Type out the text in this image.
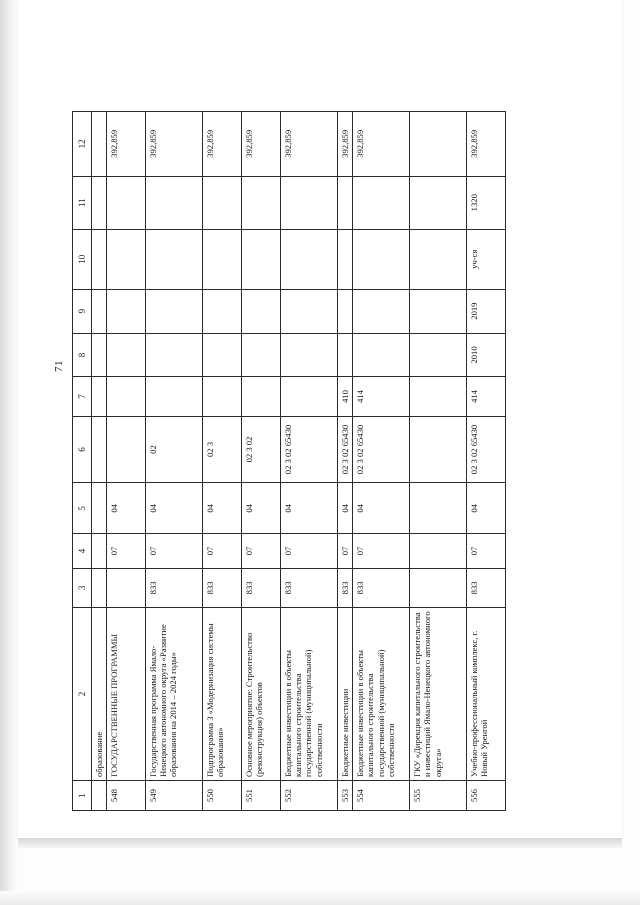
71
1	2	3	4	5	6	7	8	9	10	11	12
	образование										
548	ГОСУДАРСТВЕННЫЕ ПРОГРАММЫ		07	04							392,859
549	Государственная программа Ямало-Ненецкого автономного округа «Развитие образования на 2014 – 2024 годы»	833	07	04	02						392,859
550	Подпрограмма 3 «Модернизация системы образования»	833	07	04	02 3						392,859
551	Основное мероприятие: Строительство (реконструкция) объектов	833	07	04	02 3 02						392,859
552	Бюджетные инвестиции в объекты капитального строительства государственной (муниципальной) собственности	833	07	04	02 3 02 65430						392,859
553	Бюджетные инвестиции	833	07	04	02 3 02 65430	410					392,859
554	Бюджетные инвестиции в объекты капитального строительства государственной (муниципальной) собственности	833	07	04	02 3 02 65430	414					392,859
555	ГКУ «Дирекция капитального строительства и инвестиций Ямало-Ненецкого автономного округа»										
556	Учебно-профессиональный комплекс, г. Новый Уренгой	833	07	04	02 3 02 65430	414	2010	2019	уч-ся	1320	392,859
